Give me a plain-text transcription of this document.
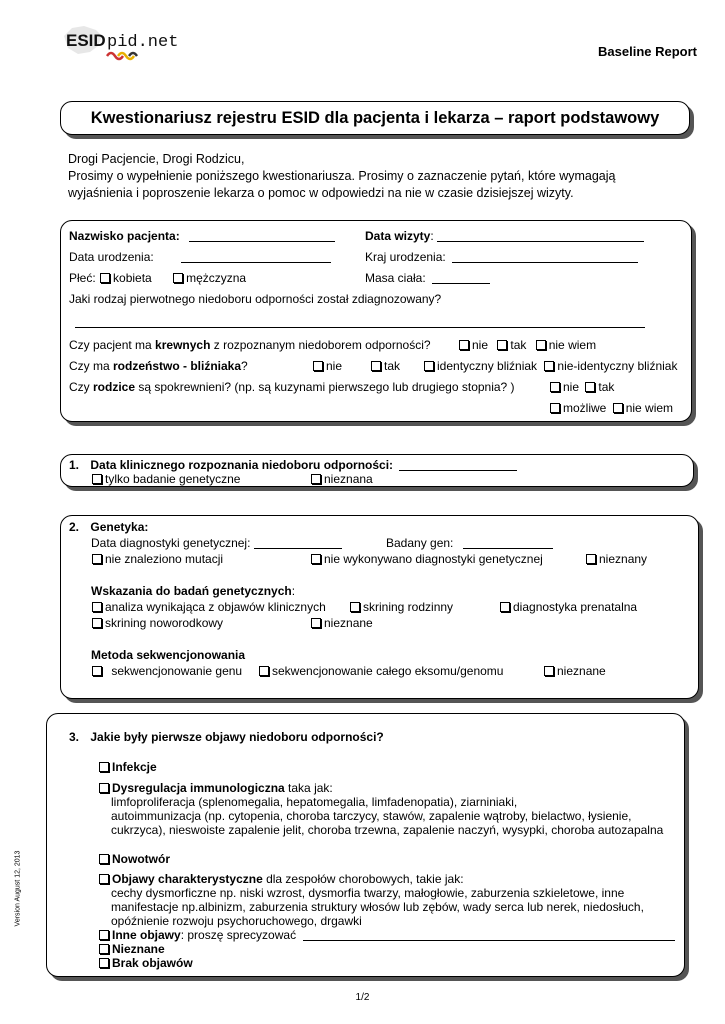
ESID pid.net	Baseline Report
Kwestionariusz rejestru ESID dla pacjenta i lekarza – raport podstawowy
Drogi Pacjencie, Drogi Rodzicu,
Prosimy o wypełnienie poniższego kwestionariusza. Prosimy o zaznaczenie pytań, które wymagają
wyjaśnienia i poproszenie lekarza o pomoc w odpowiedzi na nie w czasie dzisiejszej wizyty.
Nazwisko pacjenta:	Data wizyty:
Data urodzenia:	Kraj urodzenia:
Płeć: kobieta	mężczyzna	Masa ciała:
Jaki rodzaj pierwotnego niedoboru odporności został zdiagnozowany?
Czy pacjent ma krewnych z rozpoznanym niedoborem odporności?	nie tak nie wiem
Czy ma rodzeństwo - bliźniaka?	nie	tak	identyczny bliźniak nie-identyczny bliźniak
Czy rodzice są spokrewnieni? (np. są kuzynami pierwszego lub drugiego stopnia? )	nie tak
możliwe nie wiem
1. Data klinicznego rozpoznania niedoboru odporności:
tylko badanie genetyczne	nieznana
2. Genetyka:
Data diagnostyki genetycznej:	Badany gen:
nie znaleziono mutacji	nie wykonywano diagnostyki genetycznej	nieznany
Wskazania do badań genetycznych:
analiza wynikająca z objawów klinicznych	skrining rodzinny	diagnostyka prenatalna
skrining noworodkowy	nieznane
Metoda sekwencjonowania
sekwencjonowanie genu	sekwencjonowanie całego eksomu/genomu	nieznane
3. Jakie były pierwsze objawy niedoboru odporności?
Infekcje
Dysregulacja immunologiczna taka jak:
limfoproliferacja (splenomegalia, hepatomegalia, limfadenopatia), ziarniniaki,
autoimmunizacja (np. cytopenia, choroba tarczycy, stawów, zapalenie wątroby, bielactwo, łysienie,
cukrzyca), nieswoiste zapalenie jelit, choroba trzewna, zapalenie naczyń, wysypki, choroba autozapalna
Nowotwór
Objawy charakterystyczne dla zespołów chorobowych, takie jak:
cechy dysmorficzne np. niski wzrost, dysmorfia twarzy, małogłowie, zaburzenia szkieletowe, inne
manifestacje np.albinizm, zaburzenia struktury włosów lub zębów, wady serca lub nerek, niedosłuch,
opóźnienie rozwoju psychoruchowego, drgawki
Inne objawy: proszę sprecyzować
Nieznane
Brak objawów
Version August 12, 2013
1/2
